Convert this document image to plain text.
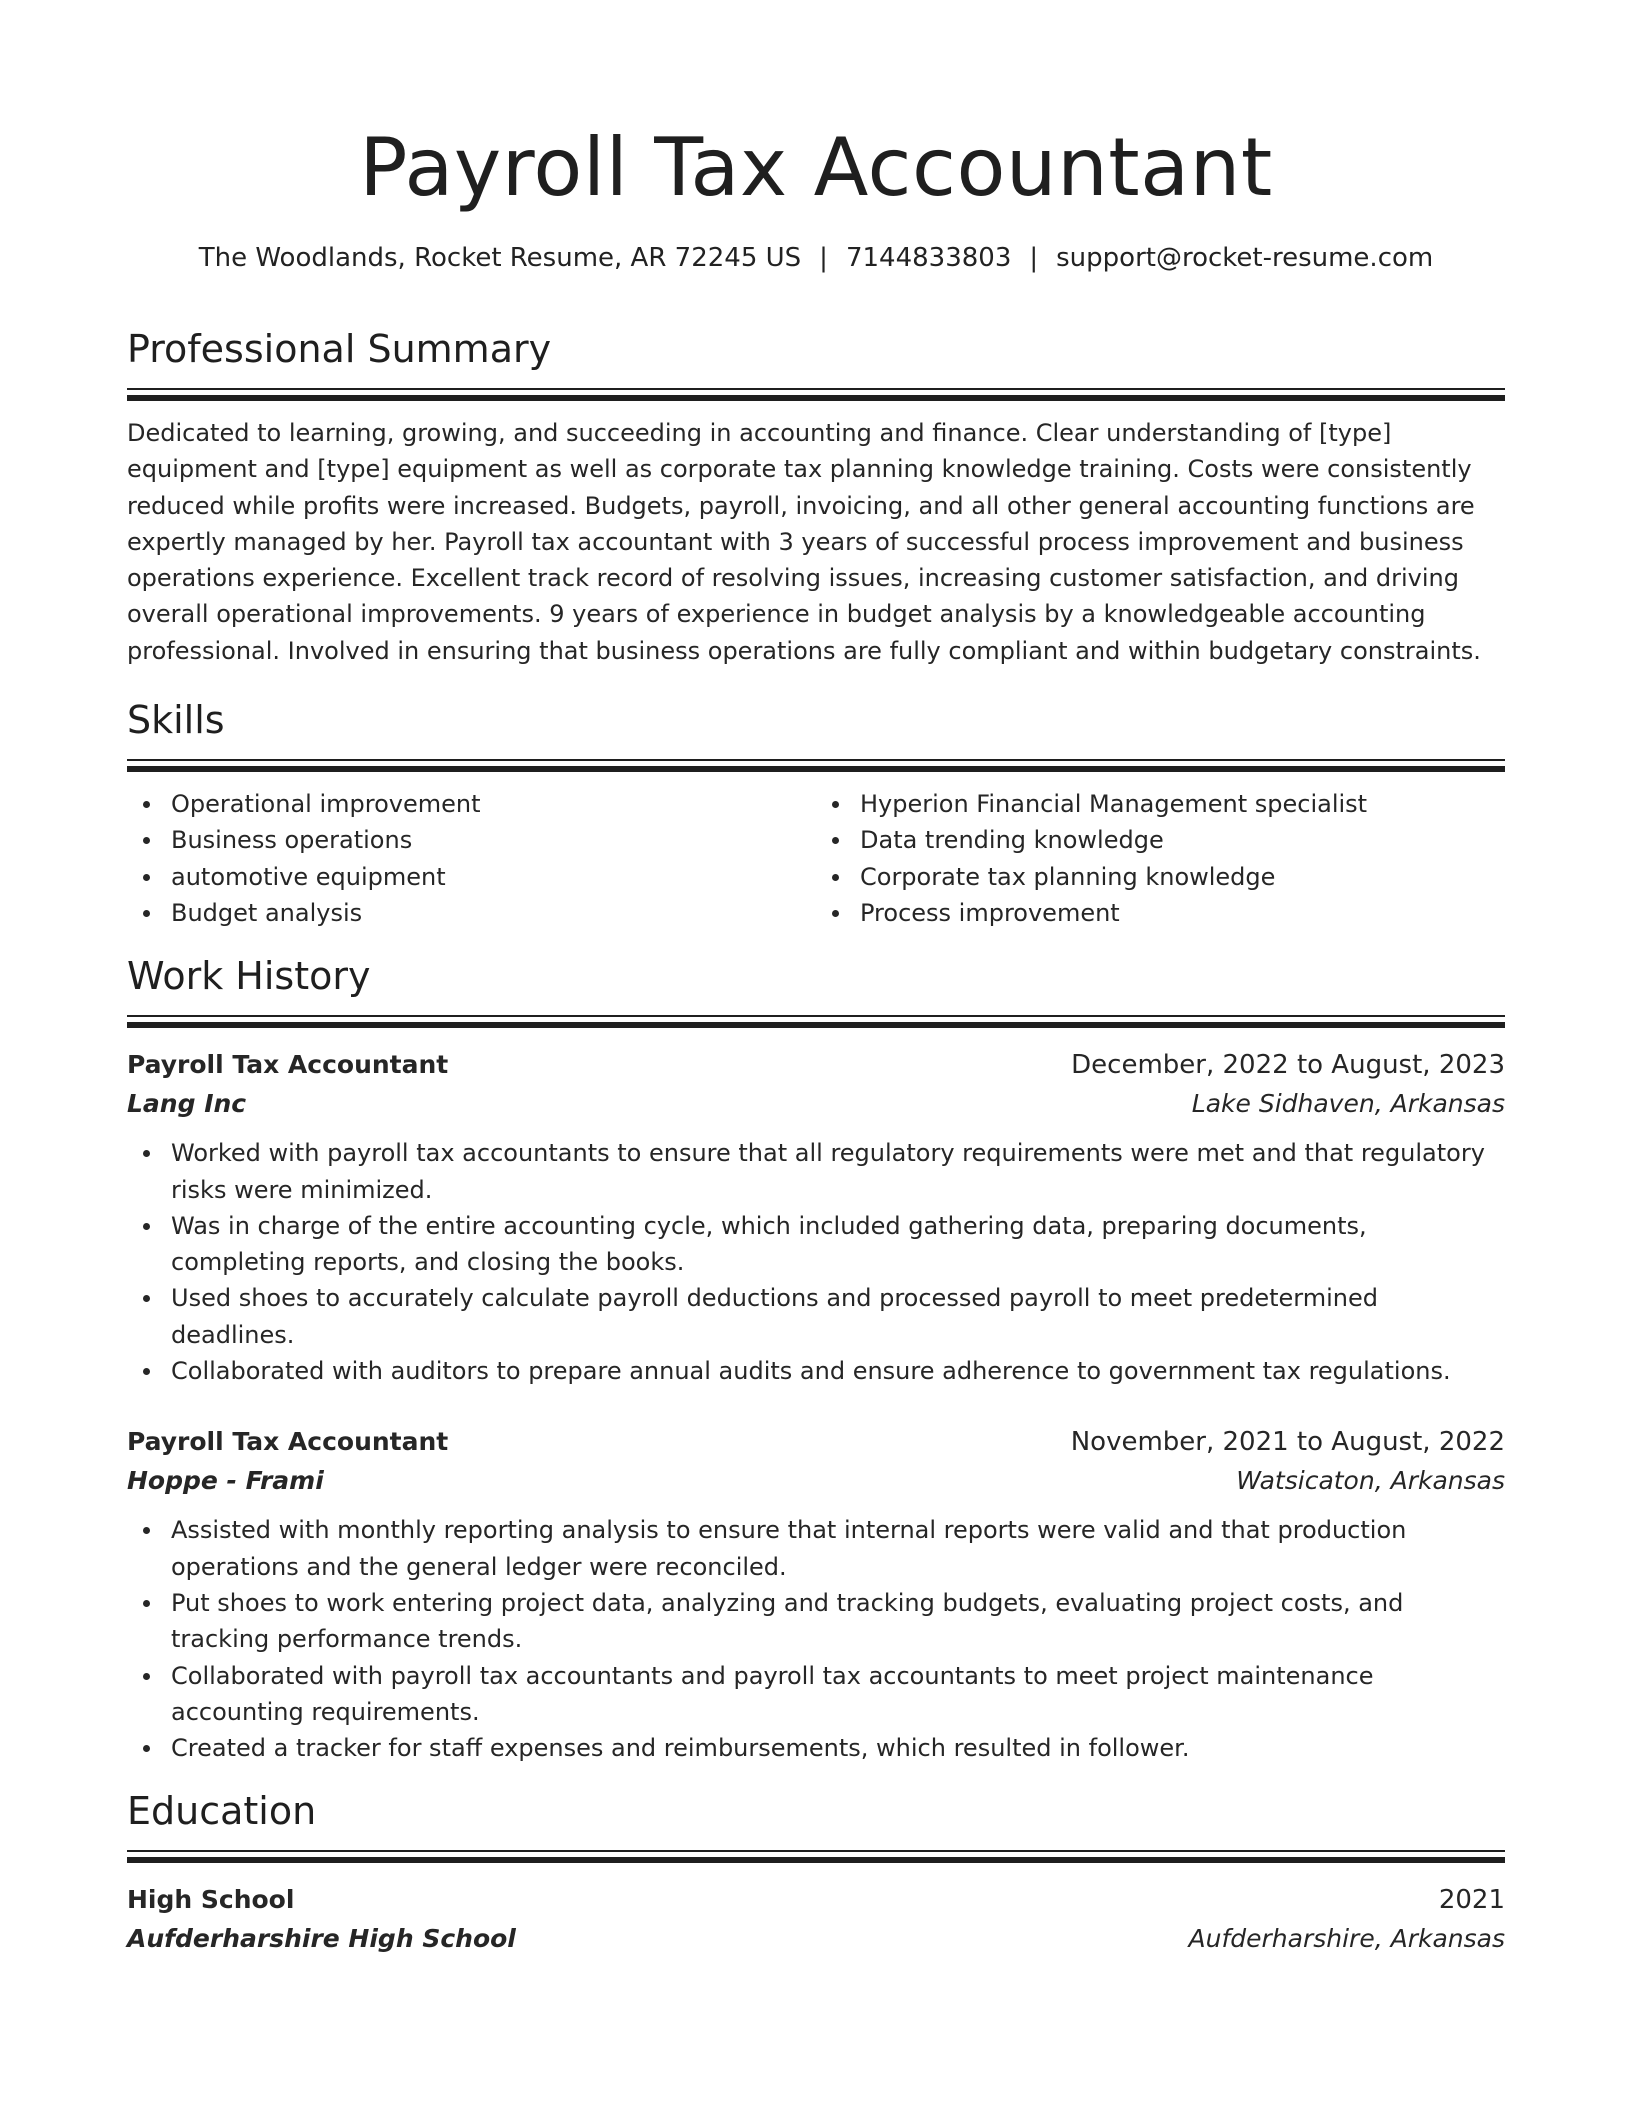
Payroll Tax Accountant
The Woodlands, Rocket Resume, AR 72245 US | 7144833803 | support@rocket-resume.com
Professional Summary

Dedicated to learning, growing, and succeeding in accounting and finance. Clear understanding of [type] equipment and [type] equipment as well as corporate tax planning knowledge training. Costs were consistently reduced while profits were increased. Budgets, payroll, invoicing, and all other general accounting functions are expertly managed by her. Payroll tax accountant with 3 years of successful process improvement and business operations experience. Excellent track record of resolving issues, increasing customer satisfaction, and driving overall operational improvements. 9 years of experience in budget analysis by a knowledgeable accounting professional. Involved in ensuring that business operations are fully compliant and within budgetary constraints.

Skills
Operational improvement
Business operations
automotive equipment
Budget analysis
Hyperion Financial Management specialist
Data trending knowledge
Corporate tax planning knowledge
Process improvement
Work History
Payroll Tax Accountant	December, 2022 to August, 2023
Lang Inc	Lake Sidhaven, Arkansas
Worked with payroll tax accountants to ensure that all regulatory requirements were met and that regulatory risks were minimized.
Was in charge of the entire accounting cycle, which included gathering data, preparing documents, completing reports, and closing the books.
Used shoes to accurately calculate payroll deductions and processed payroll to meet predetermined deadlines.
Collaborated with auditors to prepare annual audits and ensure adherence to government tax regulations.
Payroll Tax Accountant	November, 2021 to August, 2022
Hoppe - Frami	Watsicaton, Arkansas
Assisted with monthly reporting analysis to ensure that internal reports were valid and that production operations and the general ledger were reconciled.
Put shoes to work entering project data, analyzing and tracking budgets, evaluating project costs, and tracking performance trends.
Collaborated with payroll tax accountants and payroll tax accountants to meet project maintenance accounting requirements.
Created a tracker for staff expenses and reimbursements, which resulted in follower.
Education
High School	2021
Aufderharshire High School	Aufderharshire, Arkansas
